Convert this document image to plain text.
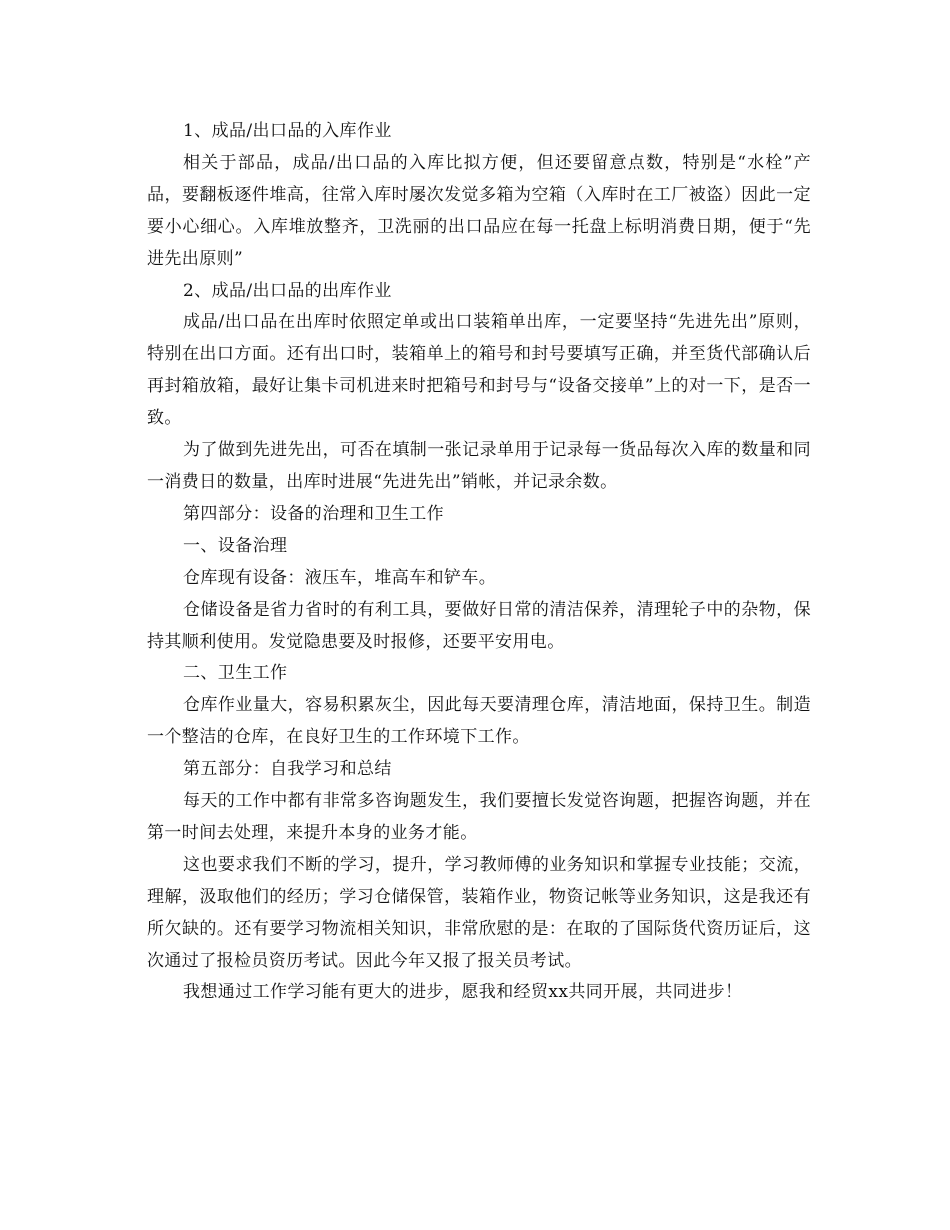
1、成品/出口品的入库作业

相关于部品，成品/出口品的入库比拟方便，但还要留意点数，特别是“水栓”产品，要翻板逐件堆高，往常入库时屡次发觉多箱为空箱（入库时在工厂被盗）因此一定要小心细心。入库堆放整齐，卫洗丽的出口品应在每一托盘上标明消费日期，便于“先进先出原则”

2、成品/出口品的出库作业

成品/出口品在出库时依照定单或出口装箱单出库，一定要坚持“先进先出”原则，特别在出口方面。还有出口时，装箱单上的箱号和封号要填写正确，并至货代部确认后再封箱放箱，最好让集卡司机进来时把箱号和封号与“设备交接单”上的对一下，是否一致。

为了做到先进先出，可否在填制一张记录单用于记录每一货品每次入库的数量和同一消费日的数量，出库时进展“先进先出”销帐，并记录余数。

第四部分：设备的治理和卫生工作

一、设备治理

仓库现有设备：液压车，堆高车和铲车。

仓储设备是省力省时的有利工具，要做好日常的清洁保养，清理轮子中的杂物，保持其顺利使用。发觉隐患要及时报修，还要平安用电。

二、卫生工作

仓库作业量大，容易积累灰尘，因此每天要清理仓库，清洁地面，保持卫生。制造一个整洁的仓库，在良好卫生的工作环境下工作。

第五部分：自我学习和总结

每天的工作中都有非常多咨询题发生，我们要擅长发觉咨询题，把握咨询题，并在第一时间去处理，来提升本身的业务才能。

这也要求我们不断的学习，提升，学习教师傅的业务知识和掌握专业技能；交流，理解，汲取他们的经历；学习仓储保管，装箱作业，物资记帐等业务知识，这是我还有所欠缺的。还有要学习物流相关知识，非常欣慰的是：在取的了国际货代资历证后，这次通过了报检员资历考试。因此今年又报了报关员考试。

我想通过工作学习能有更大的进步，愿我和经贸xx共同开展，共同进步！
